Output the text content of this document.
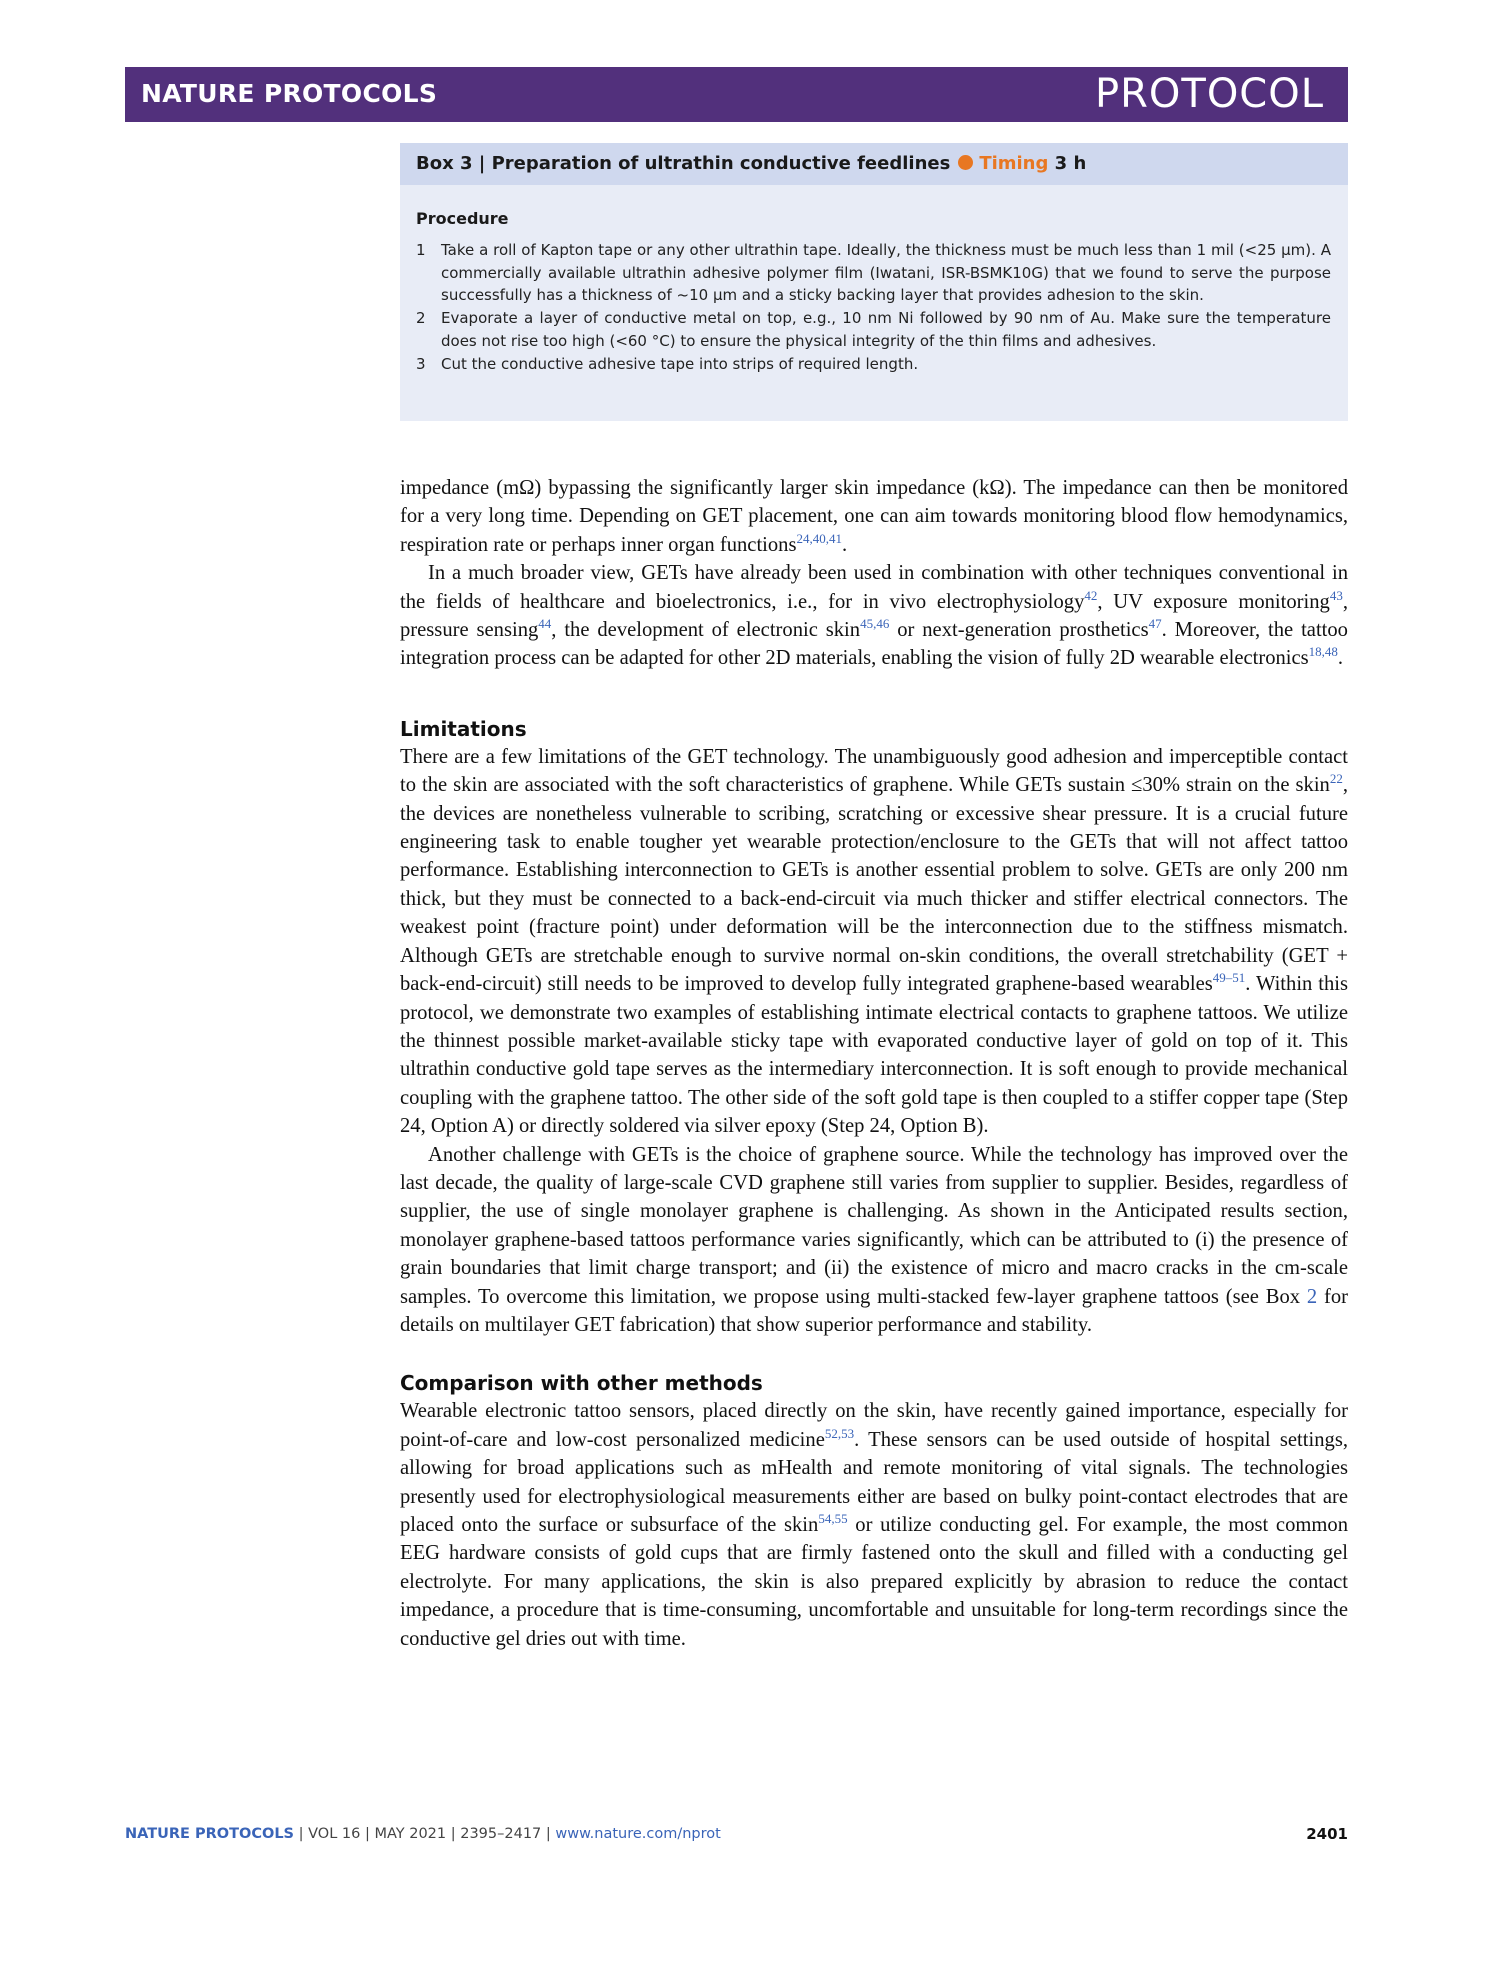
NATURE PROTOCOLS	PROTOCOL
Box 3 | Preparation of ultrathin conductive feedlines Timing 3 h
Procedure

1 Take a roll of Kapton tape or any other ultrathin tape. Ideally, the thickness must be much less than 1 mil (<25 µm). A commercially available ultrathin adhesive polymer film (Iwatani, ISR-BSMK10G) that we found to serve the purpose successfully has a thickness of ~10 µm and a sticky backing layer that provides adhesion to the skin.

2 Evaporate a layer of conductive metal on top, e.g., 10 nm Ni followed by 90 nm of Au. Make sure the temperature does not rise too high (<60 °C) to ensure the physical integrity of the thin films and adhesives.

3 Cut the conductive adhesive tape into strips of required length.

impedance (mΩ) bypassing the significantly larger skin impedance (kΩ). The impedance can then be monitored for a very long time. Depending on GET placement, one can aim towards monitoring blood flow hemodynamics, respiration rate or perhaps inner organ functions$^{24,40,41}$.

In a much broader view, GETs have already been used in combination with other techniques conventional in the fields of healthcare and bioelectronics, i.e., for in vivo electrophysiology$^{42}$, UV exposure monitoring$^{43}$, pressure sensing$^{44}$, the development of electronic skin$^{45,46}$ or next-generation prosthetics$^{47}$. Moreover, the tattoo integration process can be adapted for other 2D materials, enabling the vision of fully 2D wearable electronics$^{18,48}$.

Limitations

There are a few limitations of the GET technology. The unambiguously good adhesion and imperceptible contact to the skin are associated with the soft characteristics of graphene. While GETs sustain ≤30% strain on the skin$^{22}$, the devices are nonetheless vulnerable to scribing, scratching or excessive shear pressure. It is a crucial future engineering task to enable tougher yet wearable protection/enclosure to the GETs that will not affect tattoo performance. Establishing interconnection to GETs is another essential problem to solve. GETs are only 200 nm thick, but they must be connected to a back-end-circuit via much thicker and stiffer electrical connectors. The weakest point (fracture point) under deformation will be the interconnection due to the stiffness mismatch. Although GETs are stretchable enough to survive normal on-skin conditions, the overall stretchability (GET + back-end-circuit) still needs to be improved to develop fully integrated graphene-based wearables$^{49-51}$. Within this protocol, we demonstrate two examples of establishing intimate electrical contacts to graphene tattoos. We utilize the thinnest possible market-available sticky tape with evaporated conductive layer of gold on top of it. This ultrathin conductive gold tape serves as the intermediary interconnection. It is soft enough to provide mechanical coupling with the graphene tattoo. The other side of the soft gold tape is then coupled to a stiffer copper tape (Step 24, Option A) or directly soldered via silver epoxy (Step 24, Option B).

Another challenge with GETs is the choice of graphene source. While the technology has improved over the last decade, the quality of large-scale CVD graphene still varies from supplier to supplier. Besides, regardless of supplier, the use of single monolayer graphene is challenging. As shown in the Anticipated results section, monolayer graphene-based tattoos performance varies significantly, which can be attributed to (i) the presence of grain boundaries that limit charge transport; and (ii) the existence of micro and macro cracks in the cm-scale samples. To overcome this limitation, we propose using multi-stacked few-layer graphene tattoos (see Box 2 for details on multilayer GET fabrication) that show superior performance and stability.

Comparison with other methods

Wearable electronic tattoo sensors, placed directly on the skin, have recently gained importance, especially for point-of-care and low-cost personalized medicine$^{52,53}$. These sensors can be used outside of hospital settings, allowing for broad applications such as mHealth and remote monitoring of vital signals. The technologies presently used for electrophysiological measurements either are based on bulky point-contact electrodes that are placed onto the surface or subsurface of the skin$^{54,55}$ or utilize conducting gel. For example, the most common EEG hardware consists of gold cups that are firmly fastened onto the skull and filled with a conducting gel electrolyte. For many applications, the skin is also prepared explicitly by abrasion to reduce the contact impedance, a procedure that is time-consuming, uncomfortable and unsuitable for long-term recordings since the conductive gel dries out with time.

NATURE PROTOCOLS | VOL 16 | MAY 2021 | 2395–2417 | www.nature.com/nprot	2401
